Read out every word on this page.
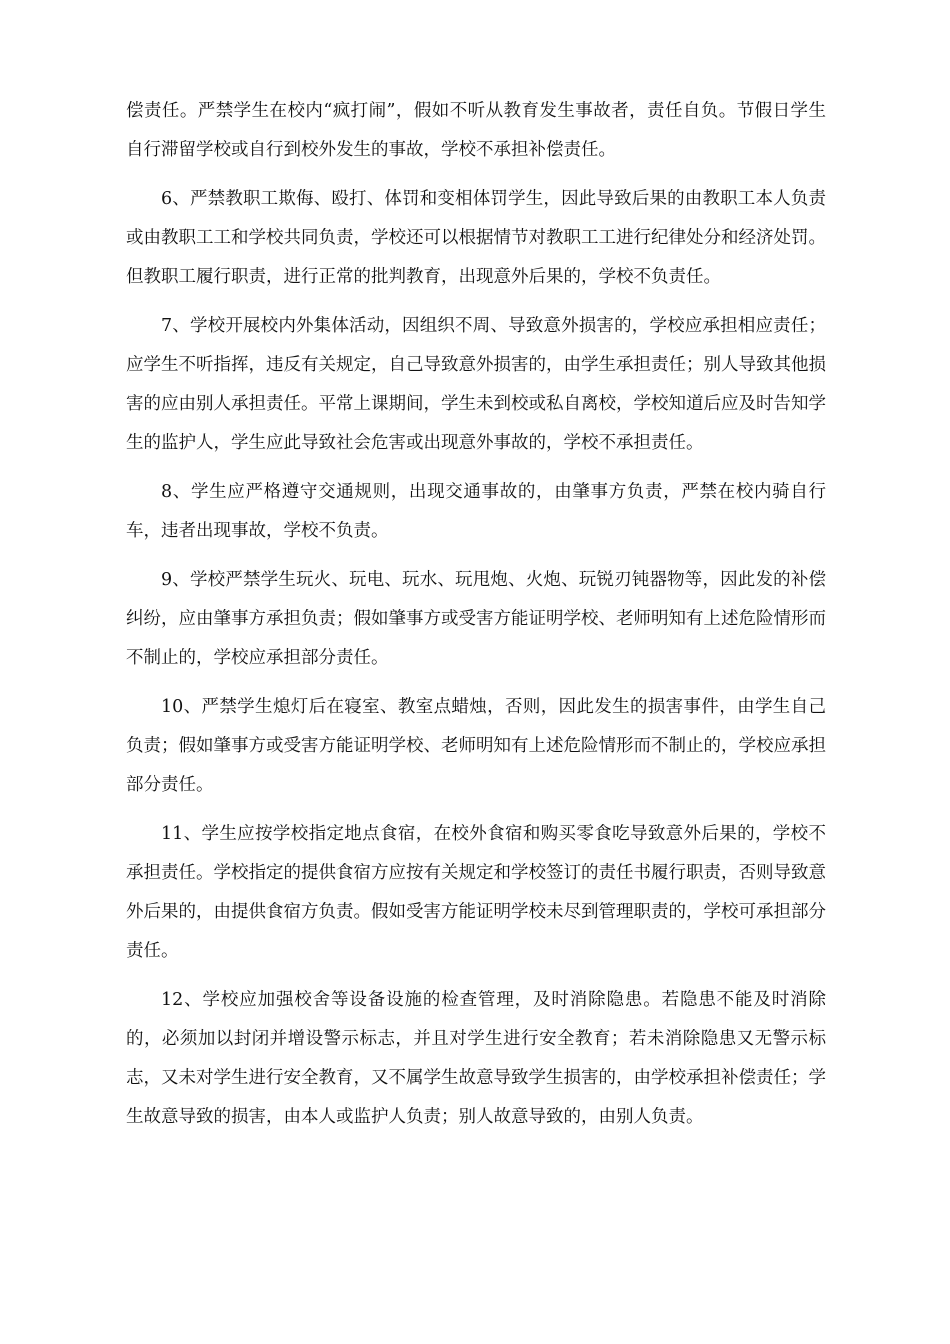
偿责任。严禁学生在校内“疯打闹”，假如不听从教育发生事故者，责任自负。节假日学生自行滞留学校或自行到校外发生的事故，学校不承担补偿责任。

6、严禁教职工欺侮、殴打、体罚和变相体罚学生，因此导致后果的由教职工本人负责或由教职工工和学校共同负责，学校还可以根据情节对教职工工进行纪律处分和经济处罚。但教职工履行职责，进行正常的批判教育，出现意外后果的，学校不负责任。

7、学校开展校内外集体活动，因组织不周、导致意外损害的，学校应承担相应责任；应学生不听指挥，违反有关规定，自己导致意外损害的，由学生承担责任；别人导致其他损害的应由别人承担责任。平常上课期间，学生未到校或私自离校，学校知道后应及时告知学生的监护人，学生应此导致社会危害或出现意外事故的，学校不承担责任。

8、学生应严格遵守交通规则，出现交通事故的，由肇事方负责，严禁在校内骑自行车，违者出现事故，学校不负责。

9、学校严禁学生玩火、玩电、玩水、玩甩炮、火炮、玩锐刃钝器物等，因此发的补偿纠纷，应由肇事方承担负责；假如肇事方或受害方能证明学校、老师明知有上述危险情形而不制止的，学校应承担部分责任。

10、严禁学生熄灯后在寝室、教室点蜡烛，否则，因此发生的损害事件，由学生自己负责；假如肇事方或受害方能证明学校、老师明知有上述危险情形而不制止的，学校应承担部分责任。

11、学生应按学校指定地点食宿，在校外食宿和购买零食吃导致意外后果的，学校不承担责任。学校指定的提供食宿方应按有关规定和学校签订的责任书履行职责，否则导致意外后果的，由提供食宿方负责。假如受害方能证明学校未尽到管理职责的，学校可承担部分责任。

12、学校应加强校舍等设备设施的检查管理，及时消除隐患。若隐患不能及时消除的，必须加以封闭并增设警示标志，并且对学生进行安全教育；若未消除隐患又无警示标志，又未对学生进行安全教育，又不属学生故意导致学生损害的，由学校承担补偿责任；学生故意导致的损害，由本人或监护人负责；别人故意导致的，由别人负责。
